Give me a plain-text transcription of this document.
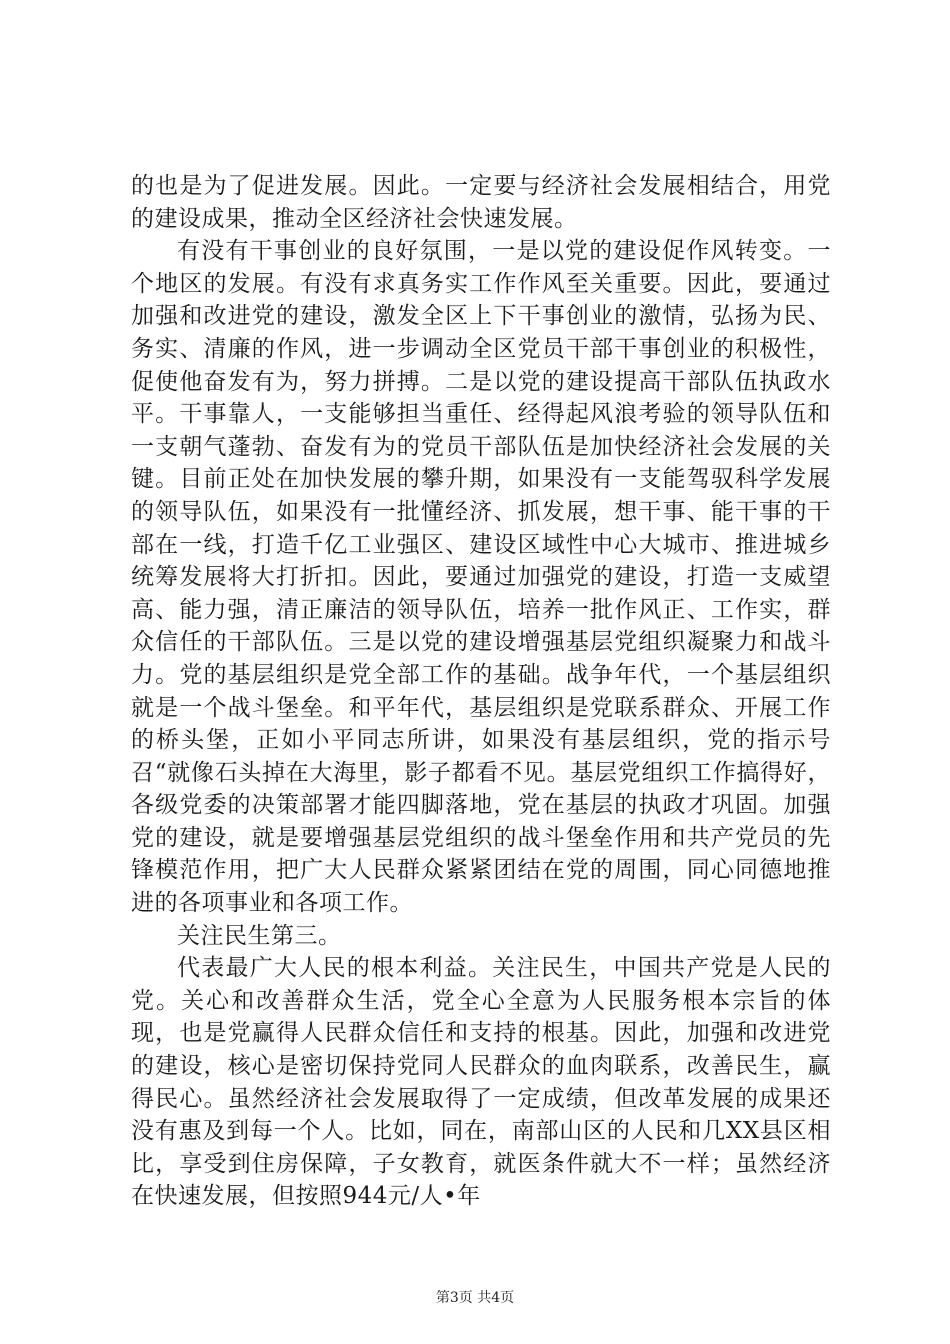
的也是为了促进发展。因此。一定要与经济社会发展相结合，用党的建设成果，推动全区经济社会快速发展。

有没有干事创业的良好氛围，一是以党的建设促作风转变。一个地区的发展。有没有求真务实工作作风至关重要。因此，要通过加强和改进党的建设，激发全区上下干事创业的激情，弘扬为民、务实、清廉的作风，进一步调动全区党员干部干事创业的积极性，促使他奋发有为，努力拼搏。二是以党的建设提高干部队伍执政水平。干事靠人，一支能够担当重任、经得起风浪考验的领导队伍和一支朝气蓬勃、奋发有为的党员干部队伍是加快经济社会发展的关键。目前正处在加快发展的攀升期，如果没有一支能驾驭科学发展的领导队伍，如果没有一批懂经济、抓发展，想干事、能干事的干部在一线，打造千亿工业强区、建设区域性中心大城市、推进城乡统筹发展将大打折扣。因此，要通过加强党的建设，打造一支威望高、能力强，清正廉洁的领导队伍，培养一批作风正、工作实，群众信任的干部队伍。三是以党的建设增强基层党组织凝聚力和战斗力。党的基层组织是党全部工作的基础。战争年代，一个基层组织就是一个战斗堡垒。和平年代，基层组织是党联系群众、开展工作的桥头堡，正如小平同志所讲，如果没有基层组织，党的指示号召“就像石头掉在大海里，影子都看不见。基层党组织工作搞得好，各级党委的决策部署才能四脚落地，党在基层的执政才巩固。加强党的建设，就是要增强基层党组织的战斗堡垒作用和共产党员的先锋模范作用，把广大人民群众紧紧团结在党的周围，同心同德地推进的各项事业和各项工作。

关注民生第三。

代表最广大人民的根本利益。关注民生，中国共产党是人民的党。关心和改善群众生活，党全心全意为人民服务根本宗旨的体现，也是党赢得人民群众信任和支持的根基。因此，加强和改进党的建设，核心是密切保持党同人民群众的血肉联系，改善民生，赢得民心。虽然经济社会发展取得了一定成绩，但改革发展的成果还没有惠及到每一个人。比如，同在，南部山区的人民和几XX县区相比，享受到住房保障，子女教育，就医条件就大不一样；虽然经济在快速发展，但按照944元/人•年

第3页 共4页
